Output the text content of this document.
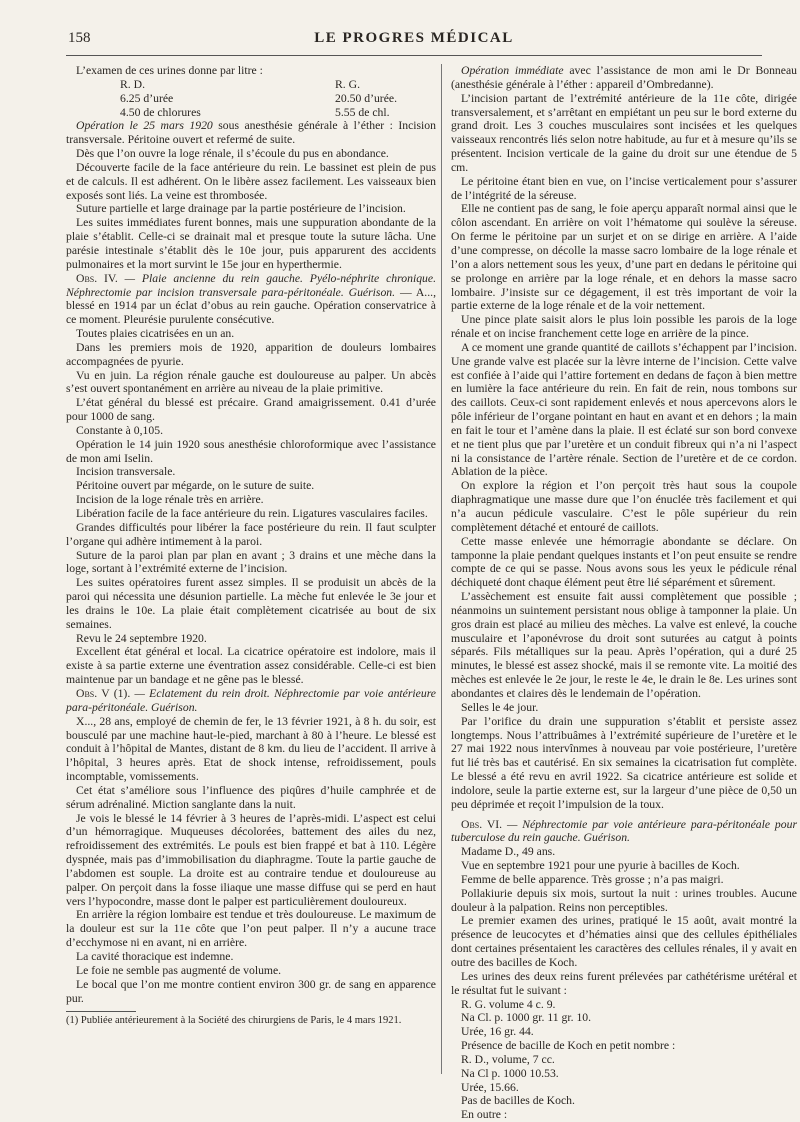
158	LE PROGRES MÉDICAL

L’examen de ces urines donne par litre :

R. D.	R. G.
6.25 d’urée	20.50 d’urée.
4.50 de chlorures	5.55 de chl.

Opération le 25 mars 1920 sous anesthésie générale à l’éther : Incision transversale. Péritoine ouvert et refermé de suite.

Dès que l’on ouvre la loge rénale, il s’écoule du pus en abondance.

Découverte facile de la face antérieure du rein. Le bassinet est plein de pus et de calculs. Il est adhérent. On le libère assez facilement. Les vaisseaux bien exposés sont liés. La veine est thrombosée.

Suture partielle et large drainage par la partie postérieure de l’incision.

Les suites immédiates furent bonnes, mais une suppuration abondante de la plaie s’établit. Celle-ci se drainait mal et presque toute la suture lâcha. Une parésie intestinale s’établit dès le 10e jour, puis apparurent des accidents pulmonaires et la mort survint le 15e jour en hyperthermie.

Obs. IV. — Plaie ancienne du rein gauche. Pyélo-néphrite chronique. Néphrectomie par incision transversale para-péritonéale. Guérison. — A..., blessé en 1914 par un éclat d’obus au rein gauche. Opération conservatrice à ce moment. Pleurésie purulente consécutive.

Toutes plaies cicatrisées en un an.

Dans les premiers mois de 1920, apparition de douleurs lombaires accompagnées de pyurie.

Vu en juin. La région rénale gauche est douloureuse au palper. Un abcès s’est ouvert spontanément en arrière au niveau de la plaie primitive.

L’état général du blessé est précaire. Grand amaigrissement. 0.41 d’urée pour 1000 de sang.

Constante à 0,105.

Opération le 14 juin 1920 sous anesthésie chloroformique avec l’assistance de mon ami Iselin.

Incision transversale.

Péritoine ouvert par mégarde, on le suture de suite.

Incision de la loge rénale très en arrière.

Libération facile de la face antérieure du rein. Ligatures vasculaires faciles.

Grandes difficultés pour libérer la face postérieure du rein. Il faut sculpter l’organe qui adhère intimement à la paroi.

Suture de la paroi plan par plan en avant ; 3 drains et une mèche dans la loge, sortant à l’extrémité externe de l’incision.

Les suites opératoires furent assez simples. Il se produisit un abcès de la paroi qui nécessita une désunion partielle. La mèche fut enlevée le 3e jour et les drains le 10e. La plaie était complètement cicatrisée au bout de six semaines.

Revu le 24 septembre 1920.

Excellent état général et local. La cicatrice opératoire est indolore, mais il existe à sa partie externe une éventration assez considérable. Celle-ci est bien maintenue par un bandage et ne gêne pas le blessé.

Obs. V (1). — Eclatement du rein droit. Néphrectomie par voie antérieure para-péritonéale. Guérison.

X..., 28 ans, employé de chemin de fer, le 13 février 1921, à 8 h. du soir, est bousculé par une machine haut-le-pied, marchant à 80 à l’heure. Le blessé est conduit à l’hôpital de Mantes, distant de 8 km. du lieu de l’accident. Il arrive à l’hôpital, 3 heures après. Etat de shock intense, refroidissement, pouls incomptable, vomissements.

Cet état s’améliore sous l’influence des piqûres d’huile camphrée et de sérum adrénaliné. Miction sanglante dans la nuit.

Je vois le blessé le 14 février à 3 heures de l’après-midi. L’aspect est celui d’un hémorragique. Muqueuses décolorées, battement des ailes du nez, refroidissement des extrémités. Le pouls est bien frappé et bat à 110. Légère dyspnée, mais pas d’immobilisation du diaphragme. Toute la partie gauche de l’abdomen est souple. La droite est au contraire tendue et douloureuse au palper. On perçoit dans la fosse iliaque une masse diffuse qui se perd en haut vers l’hypocondre, masse dont le palper est particulièrement douloureux.

En arrière la région lombaire est tendue et très douloureuse. Le maximum de la douleur est sur la 11e côte que l’on peut palper. Il n’y a aucune trace d’ecchymose ni en avant, ni en arrière.

La cavité thoracique est indemne.

Le foie ne semble pas augmenté de volume.

Le bocal que l’on me montre contient environ 300 gr. de sang en apparence pur.

(1) Publiée antérieurement à la Société des chirurgiens de Paris, le 4 mars 1921.

Opération immédiate avec l’assistance de mon ami le Dr Bonneau (anesthésie générale à l’éther : appareil d’Ombredanne).

L’incision partant de l’extrémité antérieure de la 11e côte, dirigée transversalement, et s’arrêtant en empiétant un peu sur le bord externe du grand droit. Les 3 couches musculaires sont incisées et les quelques vaisseaux rencontrés liés selon notre habitude, au fur et à mesure qu’ils se présentent. Incision verticale de la gaine du droit sur une étendue de 5 cm.

Le péritoine étant bien en vue, on l’incise verticalement pour s’assurer de l’intégrité de la séreuse.

Elle ne contient pas de sang, le foie aperçu apparaît normal ainsi que le côlon ascendant. En arrière on voit l’hématome qui soulève la séreuse. On ferme le péritoine par un surjet et on se dirige en arrière. A l’aide d’une compresse, on décolle la masse sacro lombaire de la loge rénale et l’on a alors nettement sous les yeux, d’une part en dedans le péritoine qui se prolonge en arrière par la loge rénale, et en dehors la masse sacro lombaire. J’insiste sur ce dégagement, il est très important de voir la partie externe de la loge rénale et de la voir nettement.

Une pince plate saisit alors le plus loin possible les parois de la loge rénale et on incise franchement cette loge en arrière de la pince.

A ce moment une grande quantité de caillots s’échappent par l’incision. Une grande valve est placée sur la lèvre interne de l’incision. Cette valve est confiée à l’aide qui l’attire fortement en dedans de façon à bien mettre en lumière la face antérieure du rein. En fait de rein, nous tombons sur des caillots. Ceux-ci sont rapidement enlevés et nous apercevons alors le pôle inférieur de l’organe pointant en haut en avant et en dehors ; la main en fait le tour et l’amène dans la plaie. Il est éclaté sur son bord convexe et ne tient plus que par l’uretère et un conduit fibreux qui n’a ni l’aspect ni la consistance de l’artère rénale. Section de l’uretère et de ce cordon. Ablation de la pièce.

On explore la région et l’on perçoit très haut sous la coupole diaphragmatique une masse dure que l’on énuclée très facilement et qui n’a aucun pédicule vasculaire. C’est le pôle supérieur du rein complètement détaché et entouré de caillots.

Cette masse enlevée une hémorragie abondante se déclare. On tamponne la plaie pendant quelques instants et l’on peut ensuite se rendre compte de ce qui se passe. Nous avons sous les yeux le pédicule rénal déchiqueté dont chaque élément peut être lié séparément et sûrement.

L’assèchement est ensuite fait aussi complètement que possible ; néanmoins un suintement persistant nous oblige à tamponner la plaie. Un gros drain est placé au milieu des mèches. La valve est enlevé, la couche musculaire et l’aponévrose du droit sont suturées au catgut à points séparés. Fils métalliques sur la peau. Après l’opération, qui a duré 25 minutes, le blessé est assez shocké, mais il se remonte vite. La moitié des mèches est enlevée le 2e jour, le reste le 4e, le drain le 8e. Les urines sont abondantes et claires dès le lendemain de l’opération.

Selles le 4e jour.

Par l’orifice du drain une suppuration s’établit et persiste assez longtemps. Nous l’attribuâmes à l’extrémité supérieure de l’uretère et le 27 mai 1922 nous intervînmes à nouveau par voie postérieure, l’uretère fut lié très bas et cautérisé. En six semaines la cicatrisation fut complète. Le blessé a été revu en avril 1922. Sa cicatrice antérieure est solide et indolore, seule la partie externe est, sur la largeur d’une pièce de 0,50 un peu déprimée et reçoit l’impulsion de la toux.

Obs. VI. — Néphrectomie par voie antérieure para-péritonéale pour tuberculose du rein gauche. Guérison.

Madame D., 49 ans.

Vue en septembre 1921 pour une pyurie à bacilles de Koch.

Femme de belle apparence. Très grosse ; n’a pas maigri.

Pollakiurie depuis six mois, surtout la nuit : urines troubles. Aucune douleur à la palpation. Reins non perceptibles.

Le premier examen des urines, pratiqué le 15 août, avait montré la présence de leucocytes et d’hématies ainsi que des cellules épithéliales dont certaines présentaient les caractères des cellules rénales, il y avait en outre des bacilles de Koch.

Les urines des deux reins furent prélevées par cathétérisme urétéral et le résultat fut le suivant :

R. G. volume 4 c. 9.

Na Cl. p. 1000 gr. 11 gr. 10.

Urée, 16 gr. 44.

Présence de bacille de Koch en petit nombre :

R. D., volume, 7 cc.

Na Cl p. 1000 10.53.

Urée, 15.66.

Pas de bacilles de Koch.

En outre :
